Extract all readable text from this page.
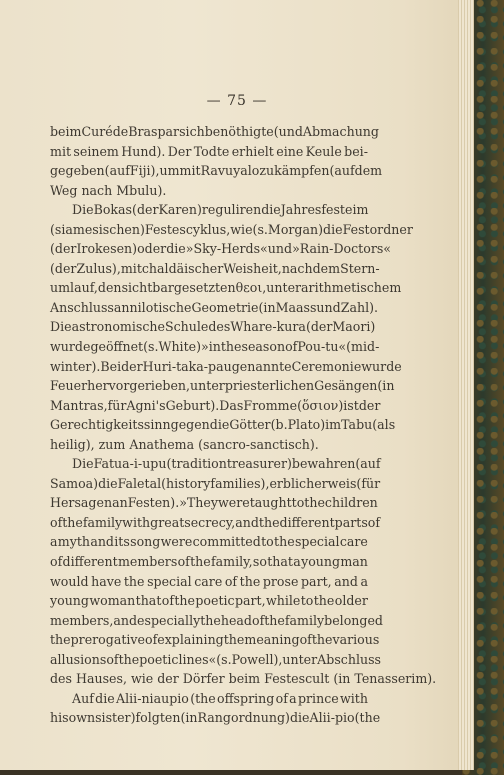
— 75 —
beim Curé de Braspar sich benöthigte (und Abmachung
mit seinem Hund). Der Todte erhielt eine Keule bei-
gegeben (auf Fiji), um mit Ravuyalo zu kämpfen (auf dem
Weg nach Mbulu).
Die Bokas (der Karen) reguliren die Jahresfeste im
(siamesischen) Festescyklus, wie (s. Morgan) die Festordner
(der Irokesen) oder die »Sky-Herds« und »Rain-Doctors«
(der Zulus), mit chaldäischer Weisheit, nach dem Stern-
umlauf, den sichtbar gesetzten θεοι, unter arithmetischem
Anschluss an nilotische Geometrie (in Maass und Zahl).
Die astronomische Schule des Whare - kura (der Maori)
wurde geöffnet (s. White) »in the season of Pou-tu« (mid-
winter). Bei der Huri-taka-pau genannte Ceremonie wurde
Feuer hervorgerieben, unter priesterlichen Gesängen (in
Mantras, für Agni's Geburt). Das Fromme (ὅσιον) ist der
Gerechtigkeitssinn gegen die Götter (b. Plato) im Tabu (als
heilig), zum Anathema (sancro-sanctisch).
Die Fatua-i-upu (tradition treasurer) bewahren (auf
Samoa) die Faletal (history families), erblicherweis (für
Hersagen an Festen). »They were taught to the children
of the family with great secrecy, and the different parts of
a myth and its song were committed to the special care
of different members of the family, so that a young man
would have the special care of the prose part, and a
young woman that of the poetic part, while to the older
members, and especially the head of the family belonged
the prerogative of explaining the meaning of the various
allusions of the poetic lines« (s. Powell), unter Abschluss
des Hauses, wie der Dörfer beim Festescult (in Tenasserim).
Auf die Alii-niaupio (the offspring of a prince with
his own sister) folgten (in Rangordnung) die Alii-pio (the
